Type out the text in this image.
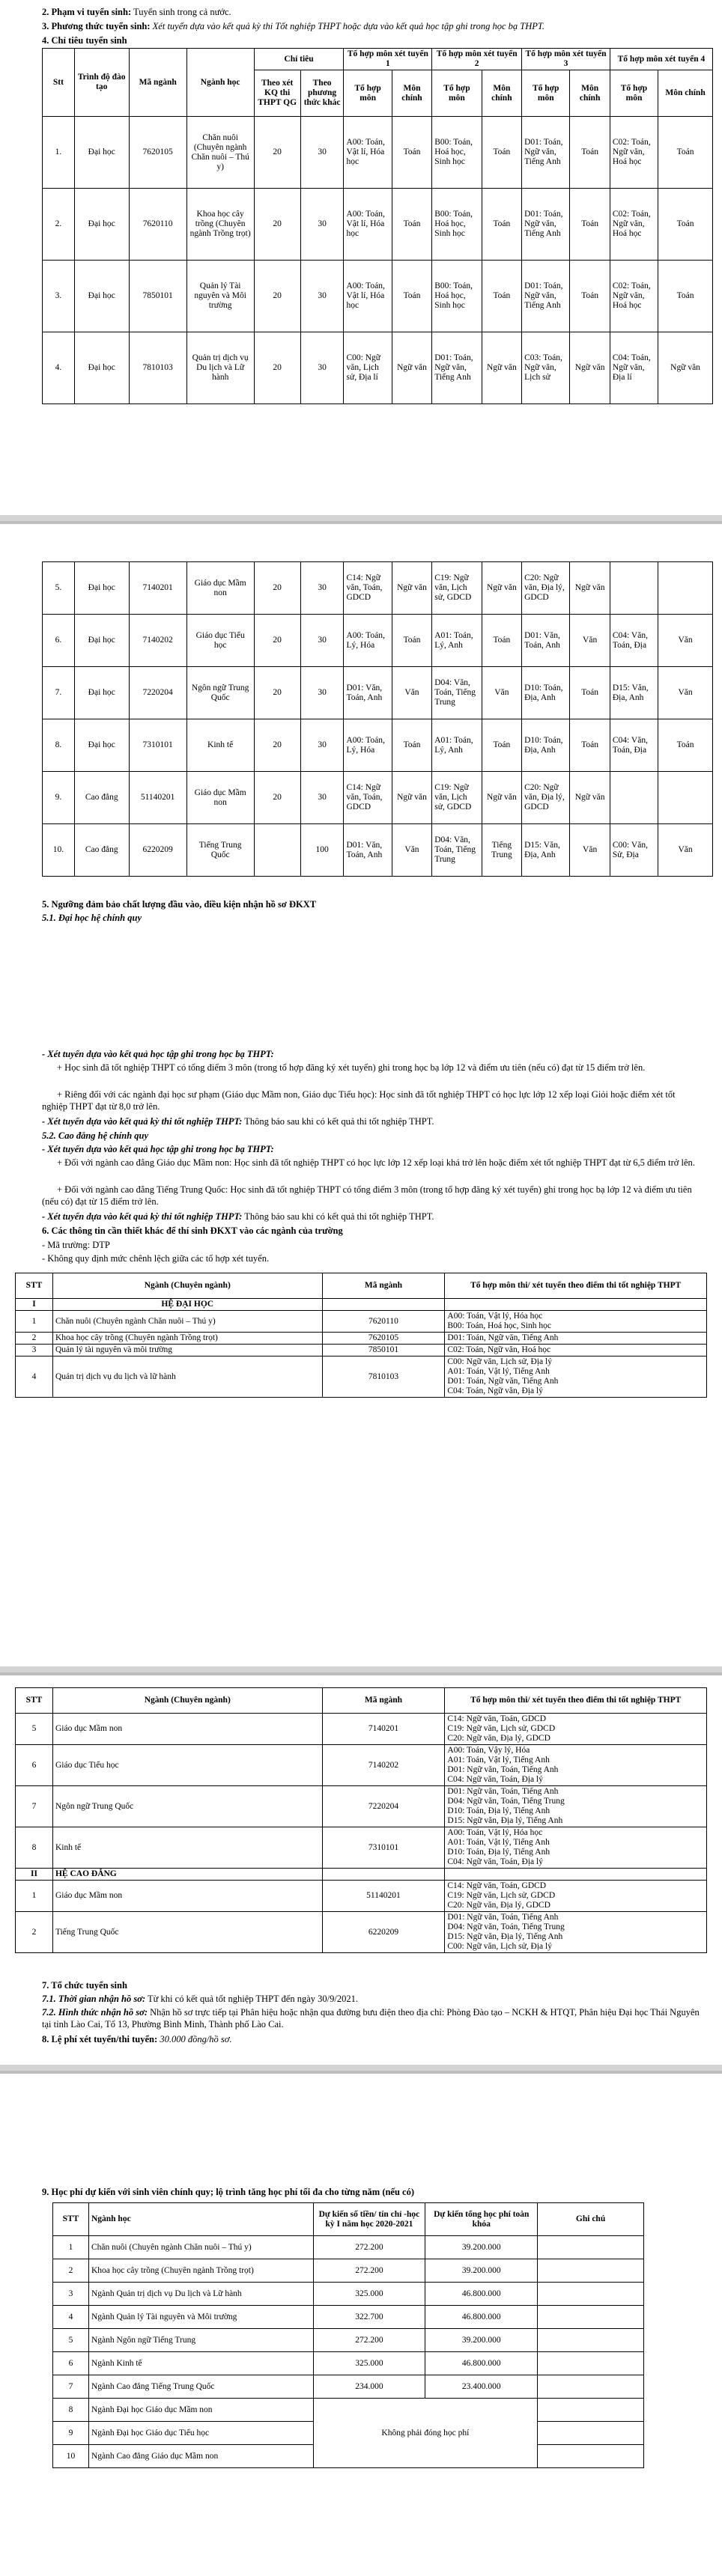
2. Phạm vi tuyển sinh: Tuyển sinh trong cả nước.
3. Phương thức tuyển sinh: Xét tuyển dựa vào kết quả kỳ thi Tốt nghiệp THPT hoặc dựa vào kết quả học tập ghi trong học bạ THPT.
4. Chỉ tiêu tuyển sinh
Stt	Trình độ đào tạo	Mã ngành	Ngành học	Chỉ tiêu		Tổ hợp môn xét tuyển 1		Tổ hợp môn xét tuyển 2		Tổ hợp môn xét tuyển 3		Tổ hợp môn xét tuyển 4	
				Theo xét KQ thi THPT QG	Theo phương thức khác	Tổ hợp môn	Môn chính	Tổ hợp môn	Môn chính	Tổ hợp môn	Môn chính	Tổ hợp môn	Môn chính
1.	Đại học	7620105	Chăn nuôi (Chuyên ngành Chăn nuôi – Thú y)	20	30	A00: Toán, Vật lí, Hóa học	Toán	B00: Toán, Hoá học, Sinh học	Toán	D01: Toán, Ngữ văn, Tiếng Anh	Toán	C02: Toán, Ngữ văn, Hoá học	Toán
2.	Đại học	7620110	Khoa học cây trồng (Chuyên ngành Trồng trọt)	20	30	A00: Toán, Vật lí, Hóa học	Toán	B00: Toán, Hoá học, Sinh học	Toán	D01: Toán, Ngữ văn, Tiếng Anh	Toán	C02: Toán, Ngữ văn, Hoá học	Toán
3.	Đại học	7850101	Quản lý Tài nguyên và Môi trường	20	30	A00: Toán, Vật lí, Hóa học	Toán	B00: Toán, Hoá học, Sinh học	Toán	D01: Toán, Ngữ văn, Tiếng Anh	Toán	C02: Toán, Ngữ văn, Hoá học	Toán
4.	Đại học	7810103	Quản trị dịch vụ Du lịch và Lữ hành	20	30	C00: Ngữ văn, Lịch sử, Địa lí	Ngữ văn	D01: Toán, Ngữ văn, Tiếng Anh	Ngữ văn	C03: Toán, Ngữ văn, Lịch sử	Ngữ văn	C04: Toán, Ngữ văn, Địa lí	Ngữ văn
5.	Đại học	7140201	Giáo dục Mầm non	20	30	C14: Ngữ văn, Toán, GDCD	Ngữ văn	C19: Ngữ văn, Lịch sử, GDCD	Ngữ văn	C20: Ngữ văn, Địa lý, GDCD	Ngữ văn		
6.	Đại học	7140202	Giáo dục Tiểu học	20	30	A00: Toán, Lý, Hóa	Toán	A01: Toán, Lý, Anh	Toán	D01: Văn, Toán, Anh	Văn	C04: Văn, Toán, Địa	Văn
7.	Đại học	7220204	Ngôn ngữ Trung Quốc	20	30	D01: Văn, Toán, Anh	Văn	D04: Văn, Toán, Tiếng Trung	Văn	D10: Toán, Địa, Anh	Toán	D15: Văn, Địa, Anh	Văn
8.	Đại học	7310101	Kinh tế	20	30	A00: Toán, Lý, Hóa	Toán	A01: Toán, Lý, Anh	Toán	D10: Toán, Địa, Anh	Toán	C04: Văn, Toán, Địa	Toán
9.	Cao đẳng	51140201	Giáo dục Mầm non	20	30	C14: Ngữ văn, Toán, GDCD	Ngữ văn	C19: Ngữ văn, Lịch sử, GDCD	Ngữ văn	C20: Ngữ văn, Địa lý, GDCD	Ngữ văn		
10.	Cao đẳng	6220209	Tiếng Trung Quốc		100	D01: Văn, Toán, Anh	Văn	D04: Văn, Toán, Tiếng Trung	Tiếng Trung	D15: Văn, Địa, Anh	Văn	C00: Văn, Sử, Địa	Văn
5. Ngưỡng đảm bảo chất lượng đầu vào, điều kiện nhận hồ sơ ĐKXT
5.1. Đại học hệ chính quy
- Xét tuyển dựa vào kết quả học tập ghi trong học bạ THPT:
+ Học sinh đã tốt nghiệp THPT có tổng điểm 3 môn (trong tổ hợp đăng ký xét tuyển) ghi trong học bạ lớp 12 và điểm ưu tiên (nếu có) đạt từ 15 điểm trở lên.
+ Riêng đối với các ngành đại học sư phạm (Giáo dục Mầm non, Giáo dục Tiểu học): Học sinh đã tốt nghiệp THPT có học lực lớp 12 xếp loại Giỏi hoặc điểm xét tốt nghiệp THPT đạt từ 8,0 trở lên.
- Xét tuyển dựa vào kết quả kỳ thi tốt nghiệp THPT: Thông báo sau khi có kết quả thi tốt nghiệp THPT.
5.2. Cao đẳng hệ chính quy
- Xét tuyển dựa vào kết quả học tập ghi trong học bạ THPT:
+ Đối với ngành cao đẳng Giáo dục Mầm non: Học sinh đã tốt nghiệp THPT có học lực lớp 12 xếp loại khá trở lên hoặc điểm xét tốt nghiệp THPT đạt từ 6,5 điểm trở lên.
+ Đối với ngành cao đẳng Tiếng Trung Quốc: Học sinh đã tốt nghiệp THPT có tổng điểm 3 môn (trong tổ hợp đăng ký xét tuyển) ghi trong học bạ lớp 12 và điểm ưu tiên (nếu có) đạt từ 15 điểm trở lên.
- Xét tuyển dựa vào kết quả kỳ thi tốt nghiệp THPT: Thông báo sau khi có kết quả thi tốt nghiệp THPT.
6. Các thông tin cần thiết khác để thí sinh ĐKXT vào các ngành của trường
- Mã trường: DTP
- Không quy định mức chênh lệch giữa các tổ hợp xét tuyển.
STT	Ngành (Chuyên ngành)	Mã ngành	Tổ hợp môn thi/ xét tuyển theo điểm thi tốt nghiệp THPT
I	HỆ ĐẠI HỌC		
1	Chăn nuôi (Chuyên ngành Chăn nuôi – Thú y)	7620110	A00: Toán, Vật lý, Hóa học
B00: Toán, Hoá học, Sinh học

2	Khoa học cây trồng (Chuyên ngành Trồng trọt)	7620105	D01: Toán, Ngữ văn, Tiếng Anh

3	Quản lý tài nguyên và môi trường	7850101	C02: Toán, Ngữ văn, Hoá học

4	Quản trị dịch vụ du lịch và lữ hành	7810103	C00: Ngữ văn, Lịch sử, Địa lý
A01: Toán, Vật lý, Tiếng Anh
D01: Toán, Ngữ văn, Tiếng Anh
C04: Toán, Ngữ văn, Địa lý
STT	Ngành (Chuyên ngành)	Mã ngành	Tổ hợp môn thi/ xét tuyển theo điểm thi tốt nghiệp THPT
5	Giáo dục Mầm non	7140201	C14: Ngữ văn, Toán, GDCD
C19: Ngữ văn, Lịch sử, GDCD
C20: Ngữ văn, Địa lý, GDCD

6	Giáo dục Tiểu học	7140202	A00: Toán, Vậy lý, Hóa
A01: Toán, Vật lý, Tiếng Anh
D01: Ngữ văn, Toán, Tiếng Anh
C04: Ngữ văn, Toán, Địa lý

7	Ngôn ngữ Trung Quốc	7220204	D01: Ngữ văn, Toán, Tiếng Anh
D04: Ngữ văn, Toán, Tiếng Trung
D10: Toán, Địa lý, Tiếng Anh
D15: Ngữ văn, Địa lý, Tiếng Anh

8	Kinh tế	7310101	A00: Toán, Vật lý, Hóa học
A01: Toán, Vật lý, Tiếng Anh
D10: Toán, Địa lý, Tiếng Anh
C04: Ngữ văn, Toán, Địa lý

II	HỆ CAO ĐẲNG		
1	Giáo dục Mầm non	51140201	C14: Ngữ văn, Toán, GDCD
C19: Ngữ văn, Lịch sử, GDCD
C20: Ngữ văn, Địa lý, GDCD

2	Tiếng Trung Quốc	6220209	D01: Ngữ văn, Toán, Tiếng Anh
D04: Ngữ văn, Toán, Tiếng Trung
D15: Ngữ văn, Địa lý, Tiếng Anh
C00: Ngữ văn, Lịch sử, Địa lý
7. Tổ chức tuyển sinh
7.1. Thời gian nhận hồ sơ: Từ khi có kết quả tốt nghiệp THPT đến ngày 30/9/2021.
7.2. Hình thức nhận hồ sơ: Nhận hồ sơ trực tiếp tại Phân hiệu hoặc nhận qua đường bưu điện theo địa chỉ: Phòng Đào tạo – NCKH & HTQT, Phân hiệu Đại học Thái Nguyên tại tỉnh Lào Cai, Tổ 13, Phường Bình Minh, Thành phố Lào Cai.
8. Lệ phí xét tuyển/thi tuyển: 30.000 đồng/hồ sơ.
9. Học phí dự kiến với sinh viên chính quy; lộ trình tăng học phí tối đa cho từng năm (nếu có)
STT	Ngành học	Dự kiến số tiền/ tín chỉ -học kỳ I năm học 2020-2021	Dự kiến tổng học phí toàn khóa	Ghi chú
1	Chăn nuôi (Chuyên ngành Chăn nuôi – Thú y)	272.200	39.200.000	
2	Khoa học cây trồng (Chuyên ngành Trồng trọt)	272.200	39.200.000	
3	Ngành Quản trị dịch vụ Du lịch và Lữ hành	325.000	46.800.000	
4	Ngành Quản lý Tài nguyên và Môi trường	322.700	46.800.000	
5	Ngành Ngôn ngữ Tiếng Trung	272.200	39.200.000	
6	Ngành Kinh tế	325.000	46.800.000	
7	Ngành Cao đẳng Tiếng Trung Quốc	234.000	23.400.000	
8	Ngành Đại học Giáo dục Mầm non	Không phải đóng học phí		
9	Ngành Đại học Giáo dục Tiểu học			
10	Ngành Cao đẳng Giáo dục Mầm non			
